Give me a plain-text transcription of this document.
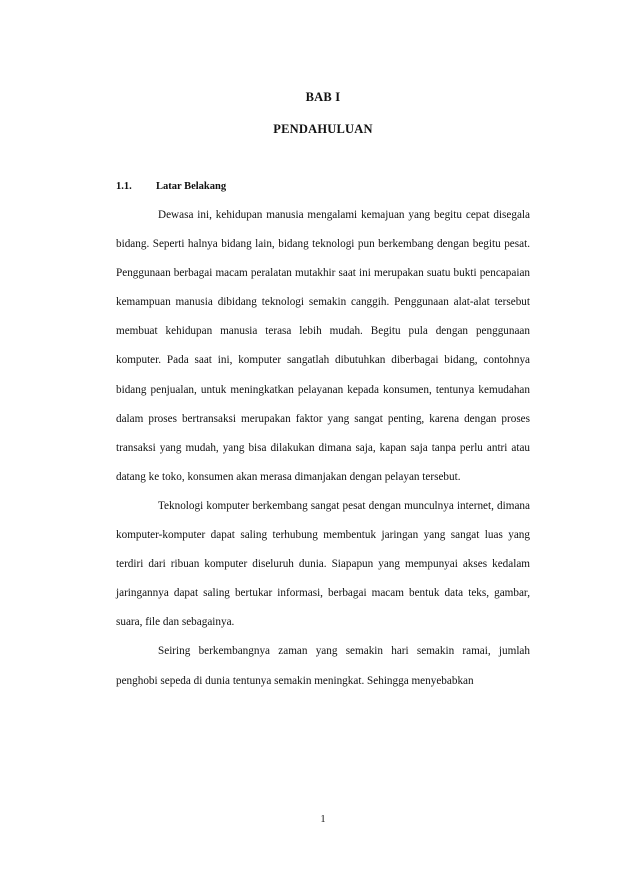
BAB I
PENDAHULUAN
1.1. Latar Belakang

Dewasa ini, kehidupan manusia mengalami kemajuan yang begitu cepat disegala bidang. Seperti halnya bidang lain, bidang teknologi pun berkembang dengan begitu pesat. Penggunaan berbagai macam peralatan mutakhir saat ini merupakan suatu bukti pencapaian kemampuan manusia dibidang teknologi semakin canggih. Penggunaan alat-alat tersebut membuat kehidupan manusia terasa lebih mudah. Begitu pula dengan penggunaan komputer. Pada saat ini, komputer sangatlah dibutuhkan diberbagai bidang, contohnya bidang penjualan, untuk meningkatkan pelayanan kepada konsumen, tentunya kemudahan dalam proses bertransaksi merupakan faktor yang sangat penting, karena dengan proses transaksi yang mudah, yang bisa dilakukan dimana saja, kapan saja tanpa perlu antri atau datang ke toko, konsumen akan merasa dimanjakan dengan pelayan tersebut.

Teknologi komputer berkembang sangat pesat dengan munculnya internet, dimana komputer-komputer dapat saling terhubung membentuk jaringan yang sangat luas yang terdiri dari ribuan komputer diseluruh dunia. Siapapun yang mempunyai akses kedalam jaringannya dapat saling bertukar informasi, berbagai macam bentuk data teks, gambar, suara, file dan sebagainya.

Seiring berkembangnya zaman yang semakin hari semakin ramai, jumlah penghobi sepeda di dunia tentunya semakin meningkat. Sehingga menyebabkan

1
